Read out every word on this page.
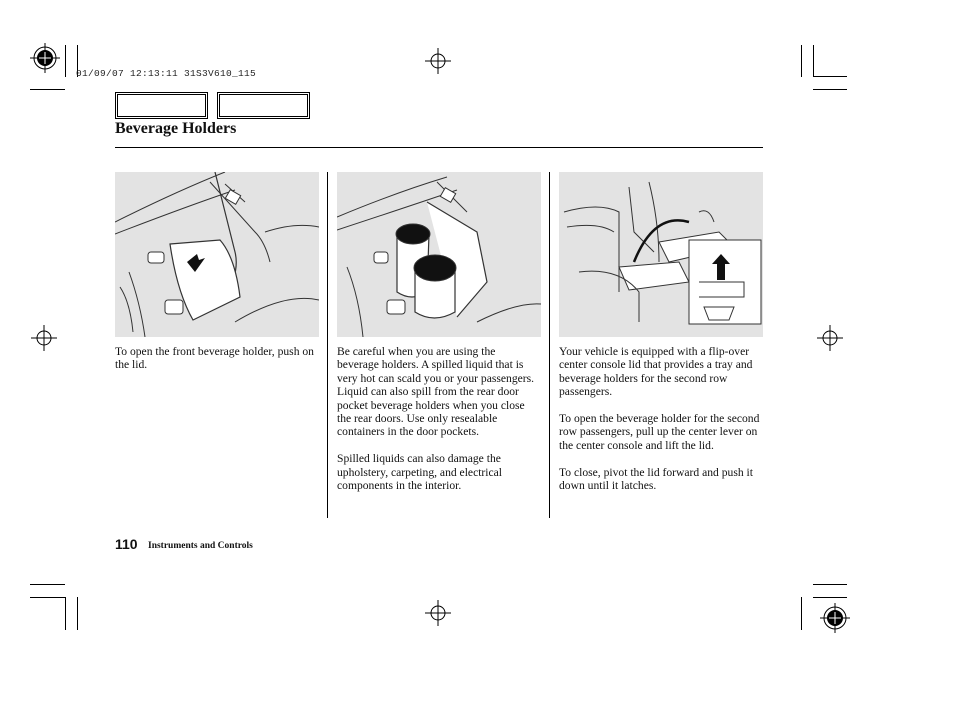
01/09/07 12:13:11 31S3V610_115
Beverage Holders

To open the front beverage holder, push on the lid.

Be careful when you are using the beverage holders. A spilled liquid that is very hot can scald you or your passengers. Liquid can also spill from the rear door pocket beverage holders when you close the rear doors. Use only resealable containers in the door pockets.

Spilled liquids can also damage the upholstery, carpeting, and electrical components in the interior.

Your vehicle is equipped with a flip-over center console lid that provides a tray and beverage holders for the second row passengers.

To open the beverage holder for the second row passengers, pull up the center lever on the center console and lift the lid.

To close, pivot the lid forward and push it down until it latches.

110 Instruments and Controls
